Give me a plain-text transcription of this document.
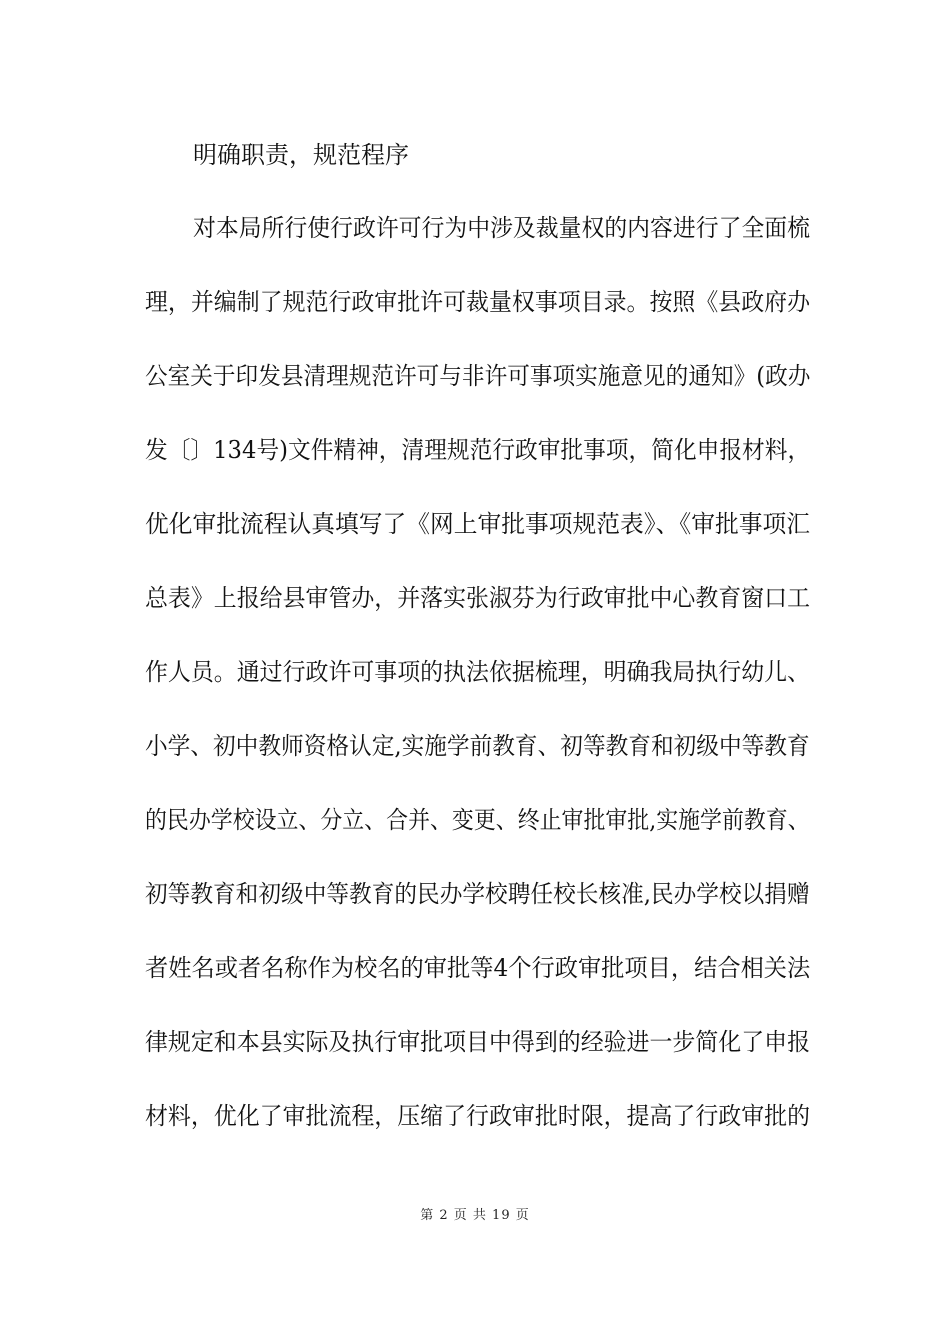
明确职责，规范程序
对本局所行使行政许可行为中涉及裁量权的内容进行了全面梳
理，并编制了规范行政审批许可裁量权事项目录。按照《县政府办
公室关于印发县清理规范许可与非许可事项实施意见的通知》(政办
发〔〕134号)文件精神，清理规范行政审批事项，简化申报材料，
优化审批流程认真填写了《网上审批事项规范表》、《审批事项汇
总表》上报给县审管办，并落实张淑芬为行政审批中心教育窗口工
作人员。通过行政许可事项的执法依据梳理，明确我局执行幼儿、
小学、初中教师资格认定,实施学前教育、初等教育和初级中等教育
的民办学校设立、分立、合并、变更、终止审批审批,实施学前教育、
初等教育和初级中等教育的民办学校聘任校长核准,民办学校以捐赠
者姓名或者名称作为校名的审批等4个行政审批项目，结合相关法
律规定和本县实际及执行审批项目中得到的经验进一步简化了申报
材料，优化了审批流程，压缩了行政审批时限，提高了行政审批的
第 2 页 共 19 页
